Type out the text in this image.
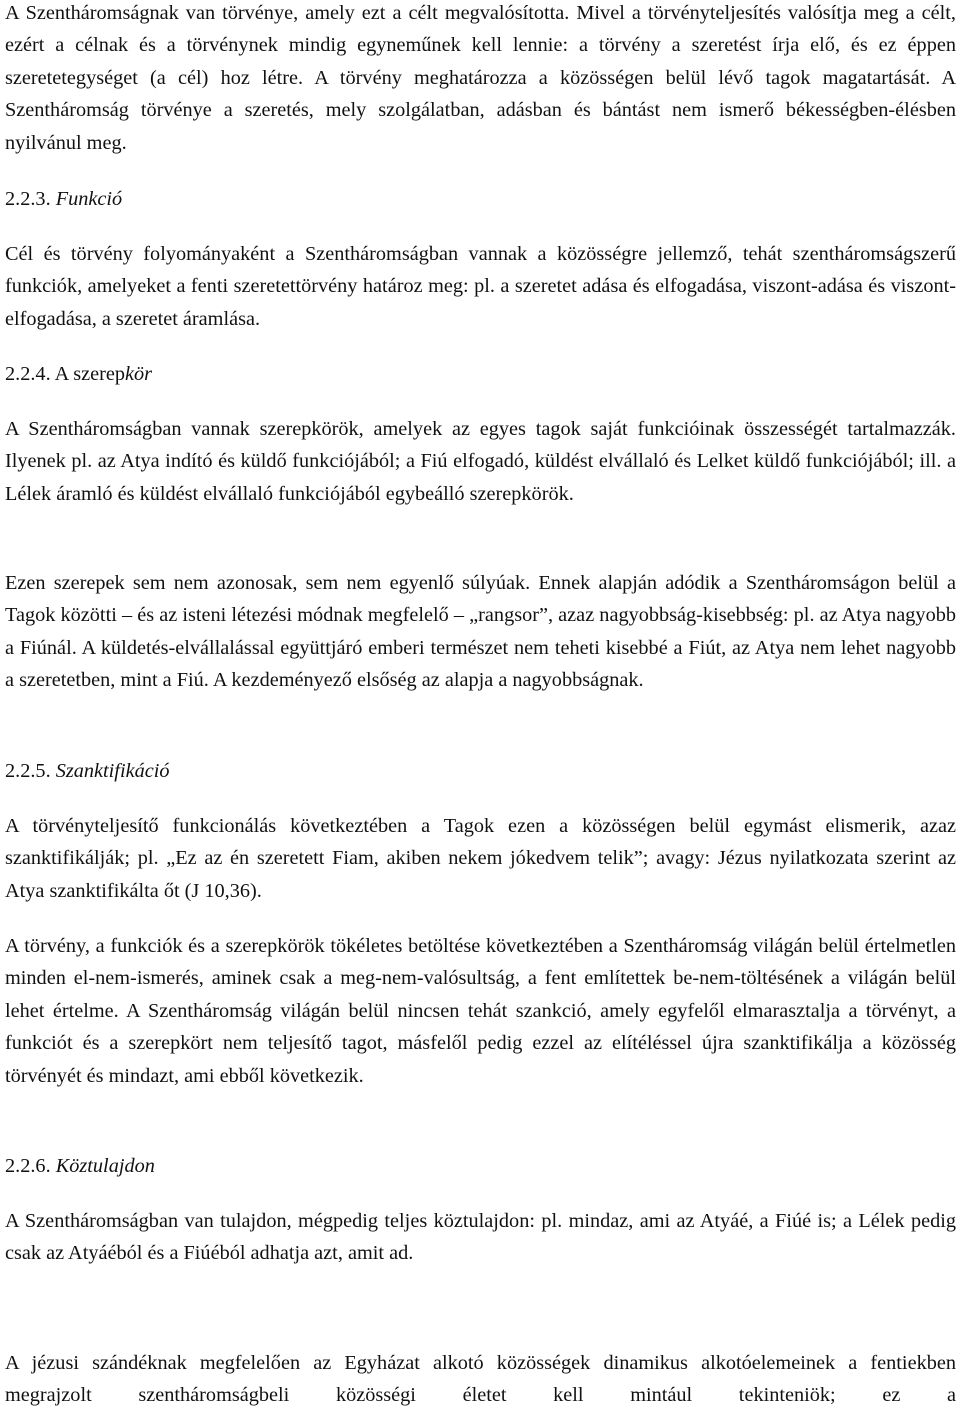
A Szentháromságnak van törvénye, amely ezt a célt megvalósította. Mivel a törvényteljesítés valósítja meg a célt, ezért a célnak és a törvénynek mindig egyneműnek kell lennie: a törvény a szeretést írja elő, és ez éppen szeretetegységet (a cél) hoz létre. A törvény meghatározza a közösségen belül lévő tagok magatartását. A Szentháromság törvénye a szeretés, mely szolgálatban, adásban és bántást nem ismerő békességben-élésben nyilvánul meg.

2.2.3. Funkció

Cél és törvény folyományaként a Szentháromságban vannak a közösségre jellemző, tehát szentháromságszerű funkciók, amelyeket a fenti szeretettörvény határoz meg: pl. a szeretet adása és elfogadása, viszont-adása és viszont-elfogadása, a szeretet áramlása.

2.2.4. A szerepkör

A Szentháromságban vannak szerepkörök, amelyek az egyes tagok saját funkcióinak összességét tartalmazzák. Ilyenek pl. az Atya indító és küldő funkciójából; a Fiú elfogadó, küldést elvállaló és Lelket küldő funkciójából; ill. a Lélek áramló és küldést elvállaló funkciójából egybeálló szerepkörök.

Ezen szerepek sem nem azonosak, sem nem egyenlő súlyúak. Ennek alapján adódik a Szentháromságon belül a Tagok közötti – és az isteni létezési módnak megfelelő – „rangsor”, azaz nagyobbság-kisebbség: pl. az Atya nagyobb a Fiúnál. A küldetés-elvállalással együttjáró emberi természet nem teheti kisebbé a Fiút, az Atya nem lehet nagyobb a szeretetben, mint a Fiú. A kezdeményező elsőség az alapja a nagyobbságnak.

2.2.5. Szanktifikáció

A törvényteljesítő funkcionálás következtében a Tagok ezen a közösségen belül egymást elismerik, azaz szanktifikálják; pl. „Ez az én szeretett Fiam, akiben nekem jókedvem telik”; avagy: Jézus nyilatkozata szerint az Atya szanktifikálta őt (J 10,36).

A törvény, a funkciók és a szerepkörök tökéletes betöltése következtében a Szentháromság világán belül értelmetlen minden el-nem-ismerés, aminek csak a meg-nem-valósultság, a fent említettek be-nem-töltésének a világán belül lehet értelme. A Szentháromság világán belül nincsen tehát szankció, amely egyfelől elmarasztalja a törvényt, a funkciót és a szerepkört nem teljesítő tagot, másfelől pedig ezzel az elítéléssel újra szanktifikálja a közösség törvényét és mindazt, ami ebből következik.

2.2.6. Köztulajdon

A Szentháromságban van tulajdon, mégpedig teljes köztulajdon: pl. mindaz, ami az Atyáé, a Fiúé is; a Lélek pedig csak az Atyáéból és a Fiúéból adhatja azt, amit ad.

A jézusi szándéknak megfelelően az Egyházat alkotó közösségek dinamikus alkotóelemeinek a fentiekben megrajzolt szentháromságbeli közösségi életet kell mintául tekinteniök; ez a
